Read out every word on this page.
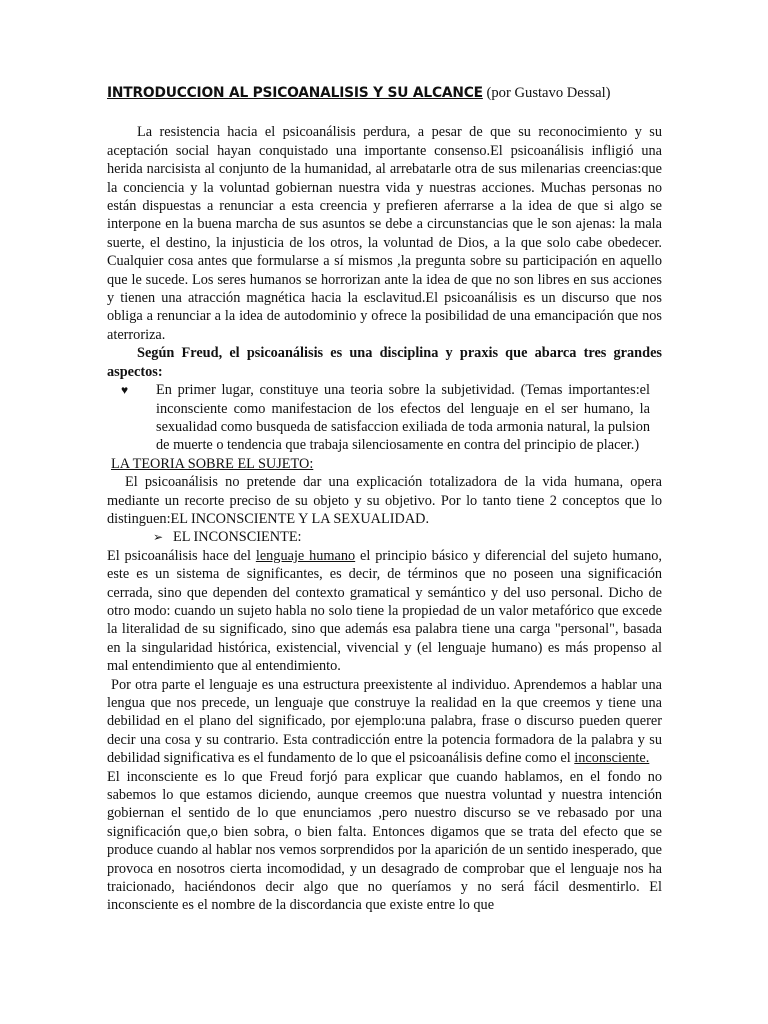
INTRODUCCION AL PSICOANALISIS Y SU ALCANCE (por Gustavo Dessal)

La resistencia hacia el psicoanálisis perdura, a pesar de que su reconocimiento y su aceptación social hayan conquistado una importante consenso.El psicoanálisis infligió una herida narcisista al conjunto de la humanidad, al arrebatarle otra de sus milenarias creencias:que la conciencia y la voluntad gobiernan nuestra vida y nuestras acciones. Muchas personas no están dispuestas a renunciar a esta creencia y prefieren aferrarse a la idea de que si algo se interpone en la buena marcha de sus asuntos se debe a circunstancias que le son ajenas: la mala suerte, el destino, la injusticia de los otros, la voluntad de Dios, a la que solo cabe obedecer. Cualquier cosa antes que formularse a sí mismos ,la pregunta sobre su participación en aquello que le sucede. Los seres humanos se horrorizan ante la idea de que no son libres en sus acciones y tienen una atracción magnética hacia la esclavitud.El psicoanálisis es un discurso que nos obliga a renunciar a la idea de autodominio y ofrece la posibilidad de una emancipación que nos aterroriza.

Según Freud, el psicoanálisis es una disciplina y praxis que abarca tres grandes aspectos:

♥	En primer lugar, constituye una teoria sobre la subjetividad. (Temas importantes:el inconsciente como manifestacion de los efectos del lenguaje en el ser humano, la sexualidad como busqueda de satisfaccion exiliada de toda armonia natural, la pulsion de muerte o tendencia que trabaja silenciosamente en contra del principio de placer.)

LA TEORIA SOBRE EL SUJETO:

El psicoanálisis no pretende dar una explicación totalizadora de la vida humana, opera mediante un recorte preciso de su objeto y su objetivo. Por lo tanto tiene 2 conceptos que lo distinguen:EL INCONSCIENTE Y LA SEXUALIDAD.

➢ EL INCONSCIENTE:

El psicoanálisis hace del lenguaje humano el principio básico y diferencial del sujeto humano, este es un sistema de significantes, es decir, de términos que no poseen una significación cerrada, sino que dependen del contexto gramatical y semántico y del uso personal. Dicho de otro modo: cuando un sujeto habla no solo tiene la propiedad de un valor metafórico que excede la literalidad de su significado, sino que además esa palabra tiene una carga "personal", basada en la singularidad histórica, existencial, vivencial y (el lenguaje humano) es más propenso al mal entendimiento que al entendimiento.

Por otra parte el lenguaje es una estructura preexistente al individuo. Aprendemos a hablar una lengua que nos precede, un lenguaje que construye la realidad en la que creemos y tiene una debilidad en el plano del significado, por ejemplo:una palabra, frase o discurso pueden querer decir una cosa y su contrario. Esta contradicción entre la potencia formadora de la palabra y su debilidad significativa es el fundamento de lo que el psicoanálisis define como el inconsciente.

El inconsciente es lo que Freud forjó para explicar que cuando hablamos, en el fondo no sabemos lo que estamos diciendo, aunque creemos que nuestra voluntad y nuestra intención gobiernan el sentido de lo que enunciamos ,pero nuestro discurso se ve rebasado por una significación que,o bien sobra, o bien falta. Entonces digamos que se trata del efecto que se produce cuando al hablar nos vemos sorprendidos por la aparición de un sentido inesperado, que provoca en nosotros cierta incomodidad, y un desagrado de comprobar que el lenguaje nos ha traicionado, haciéndonos decir algo que no queríamos y no será fácil desmentirlo. El inconsciente es el nombre de la discordancia que existe entre lo que
